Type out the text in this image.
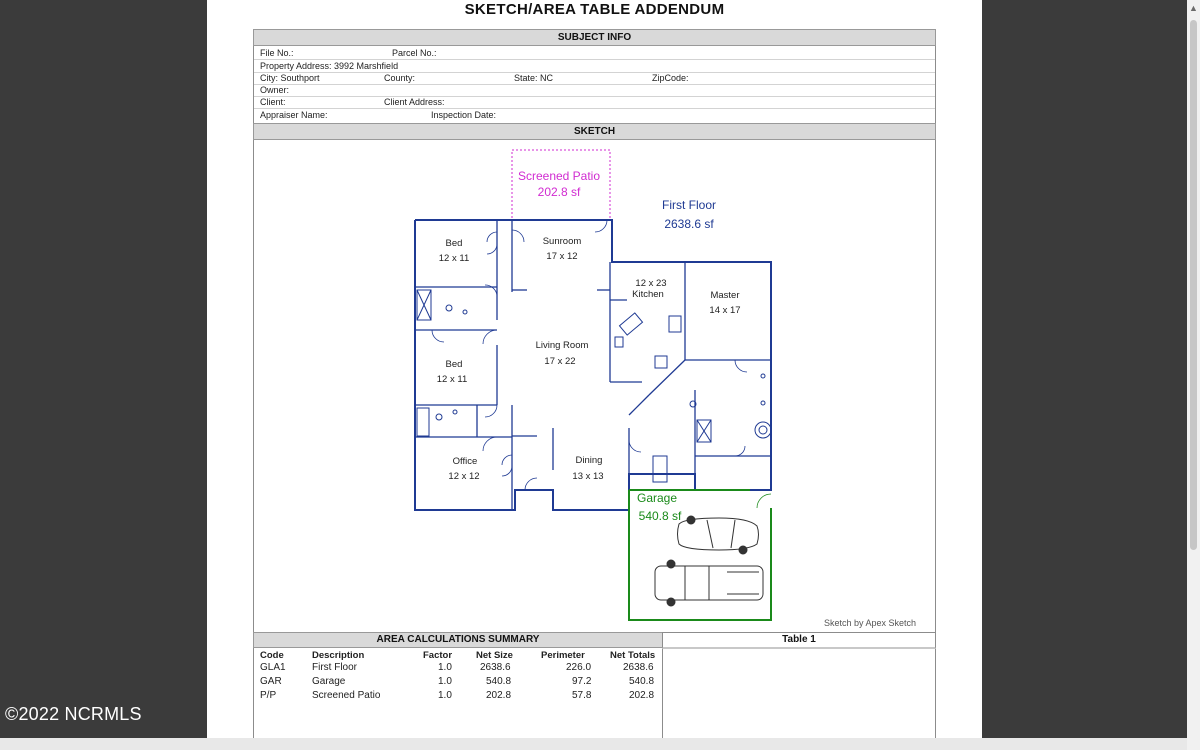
▲
SKETCH/AREA TABLE ADDENDUM
SUBJECT INFO
File No.:	Parcel No.:
Property Address: 3992 Marshfield
City: Southport	County:	State: NC	ZipCode:
Owner:
Client:	Client Address:
Appraiser Name:	Inspection Date:
SKETCH
Screened Patio
202.8 sf
First Floor
2638.6 sf
Garage
540.8 sf
Bed
12 x 11
Sunroom
17 x 12
12 x 23
Kitchen	Master
14 x 17
Bed
12 x 11
Living Room
17 x 22
Office
12 x 12
Dining
13 x 13
Sketch by Apex Sketch
AREA CALCULATIONS SUMMARY
Code	Description	Factor	Net Size	Perimeter	Net Totals
GLA1	First Floor	1.0	2638.6	226.0	2638.6
GAR	Garage	1.0	540.8	97.2	540.8
P/P	Screened Patio	1.0	202.8	57.8	202.8
Table 1
©2022 NCRMLS
